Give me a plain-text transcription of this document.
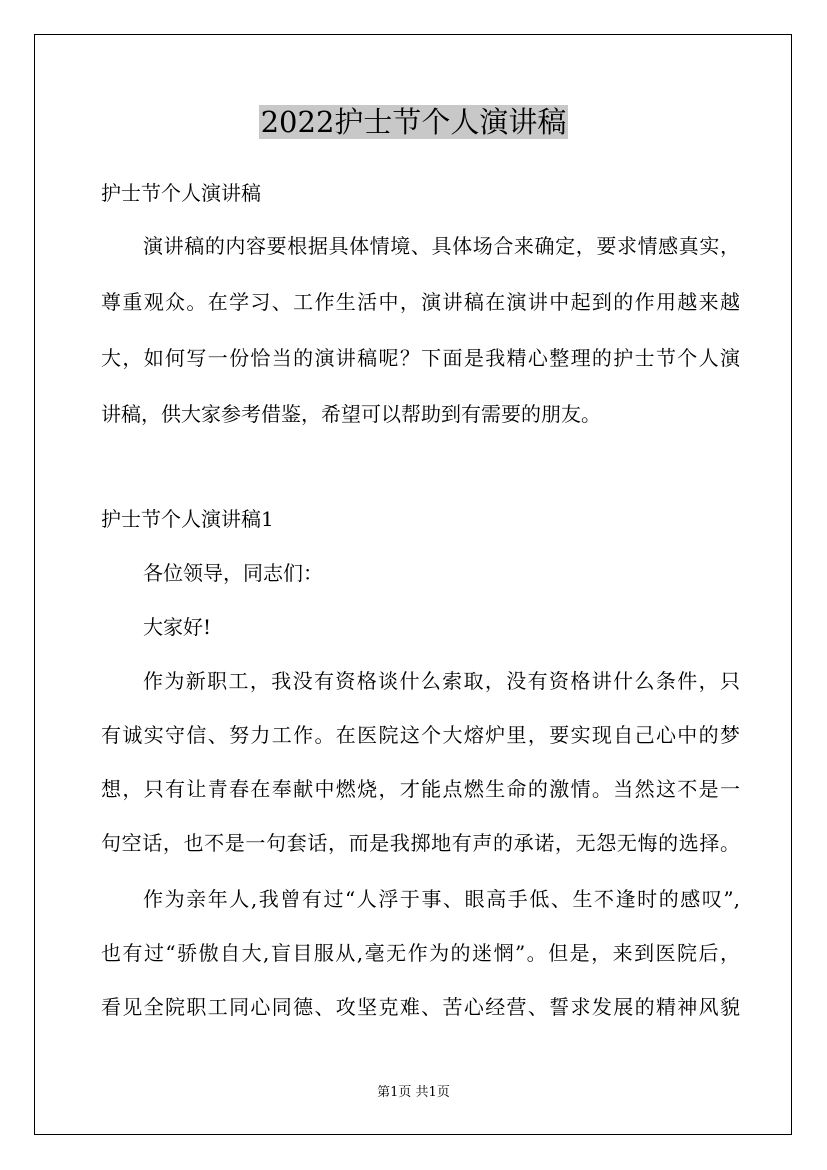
2022护士节个人演讲稿

护士节个人演讲稿

演讲稿的内容要根据具体情境、具体场合来确定，要求情感真实，

尊重观众。在学习、工作生活中，演讲稿在演讲中起到的作用越来越

大，如何写一份恰当的演讲稿呢？下面是我精心整理的护士节个人演

讲稿，供大家参考借鉴，希望可以帮助到有需要的朋友。

护士节个人演讲稿1

各位领导，同志们：

大家好!

作为新职工，我没有资格谈什么索取，没有资格讲什么条件，只

有诚实守信、努力工作。在医院这个大熔炉里，要实现自己心中的梦

想，只有让青春在奉献中燃烧，才能点燃生命的激情。当然这不是一

句空话，也不是一句套话，而是我掷地有声的承诺，无怨无悔的选择。

作为亲年人,我曾有过“人浮于事、眼高手低、生不逢时的感叹”,

也有过“骄傲自大,盲目服从,毫无作为的迷惘”。但是，来到医院后，

看见全院职工同心同德、攻坚克难、苦心经营、誓求发展的精神风貌

第1页 共1页
